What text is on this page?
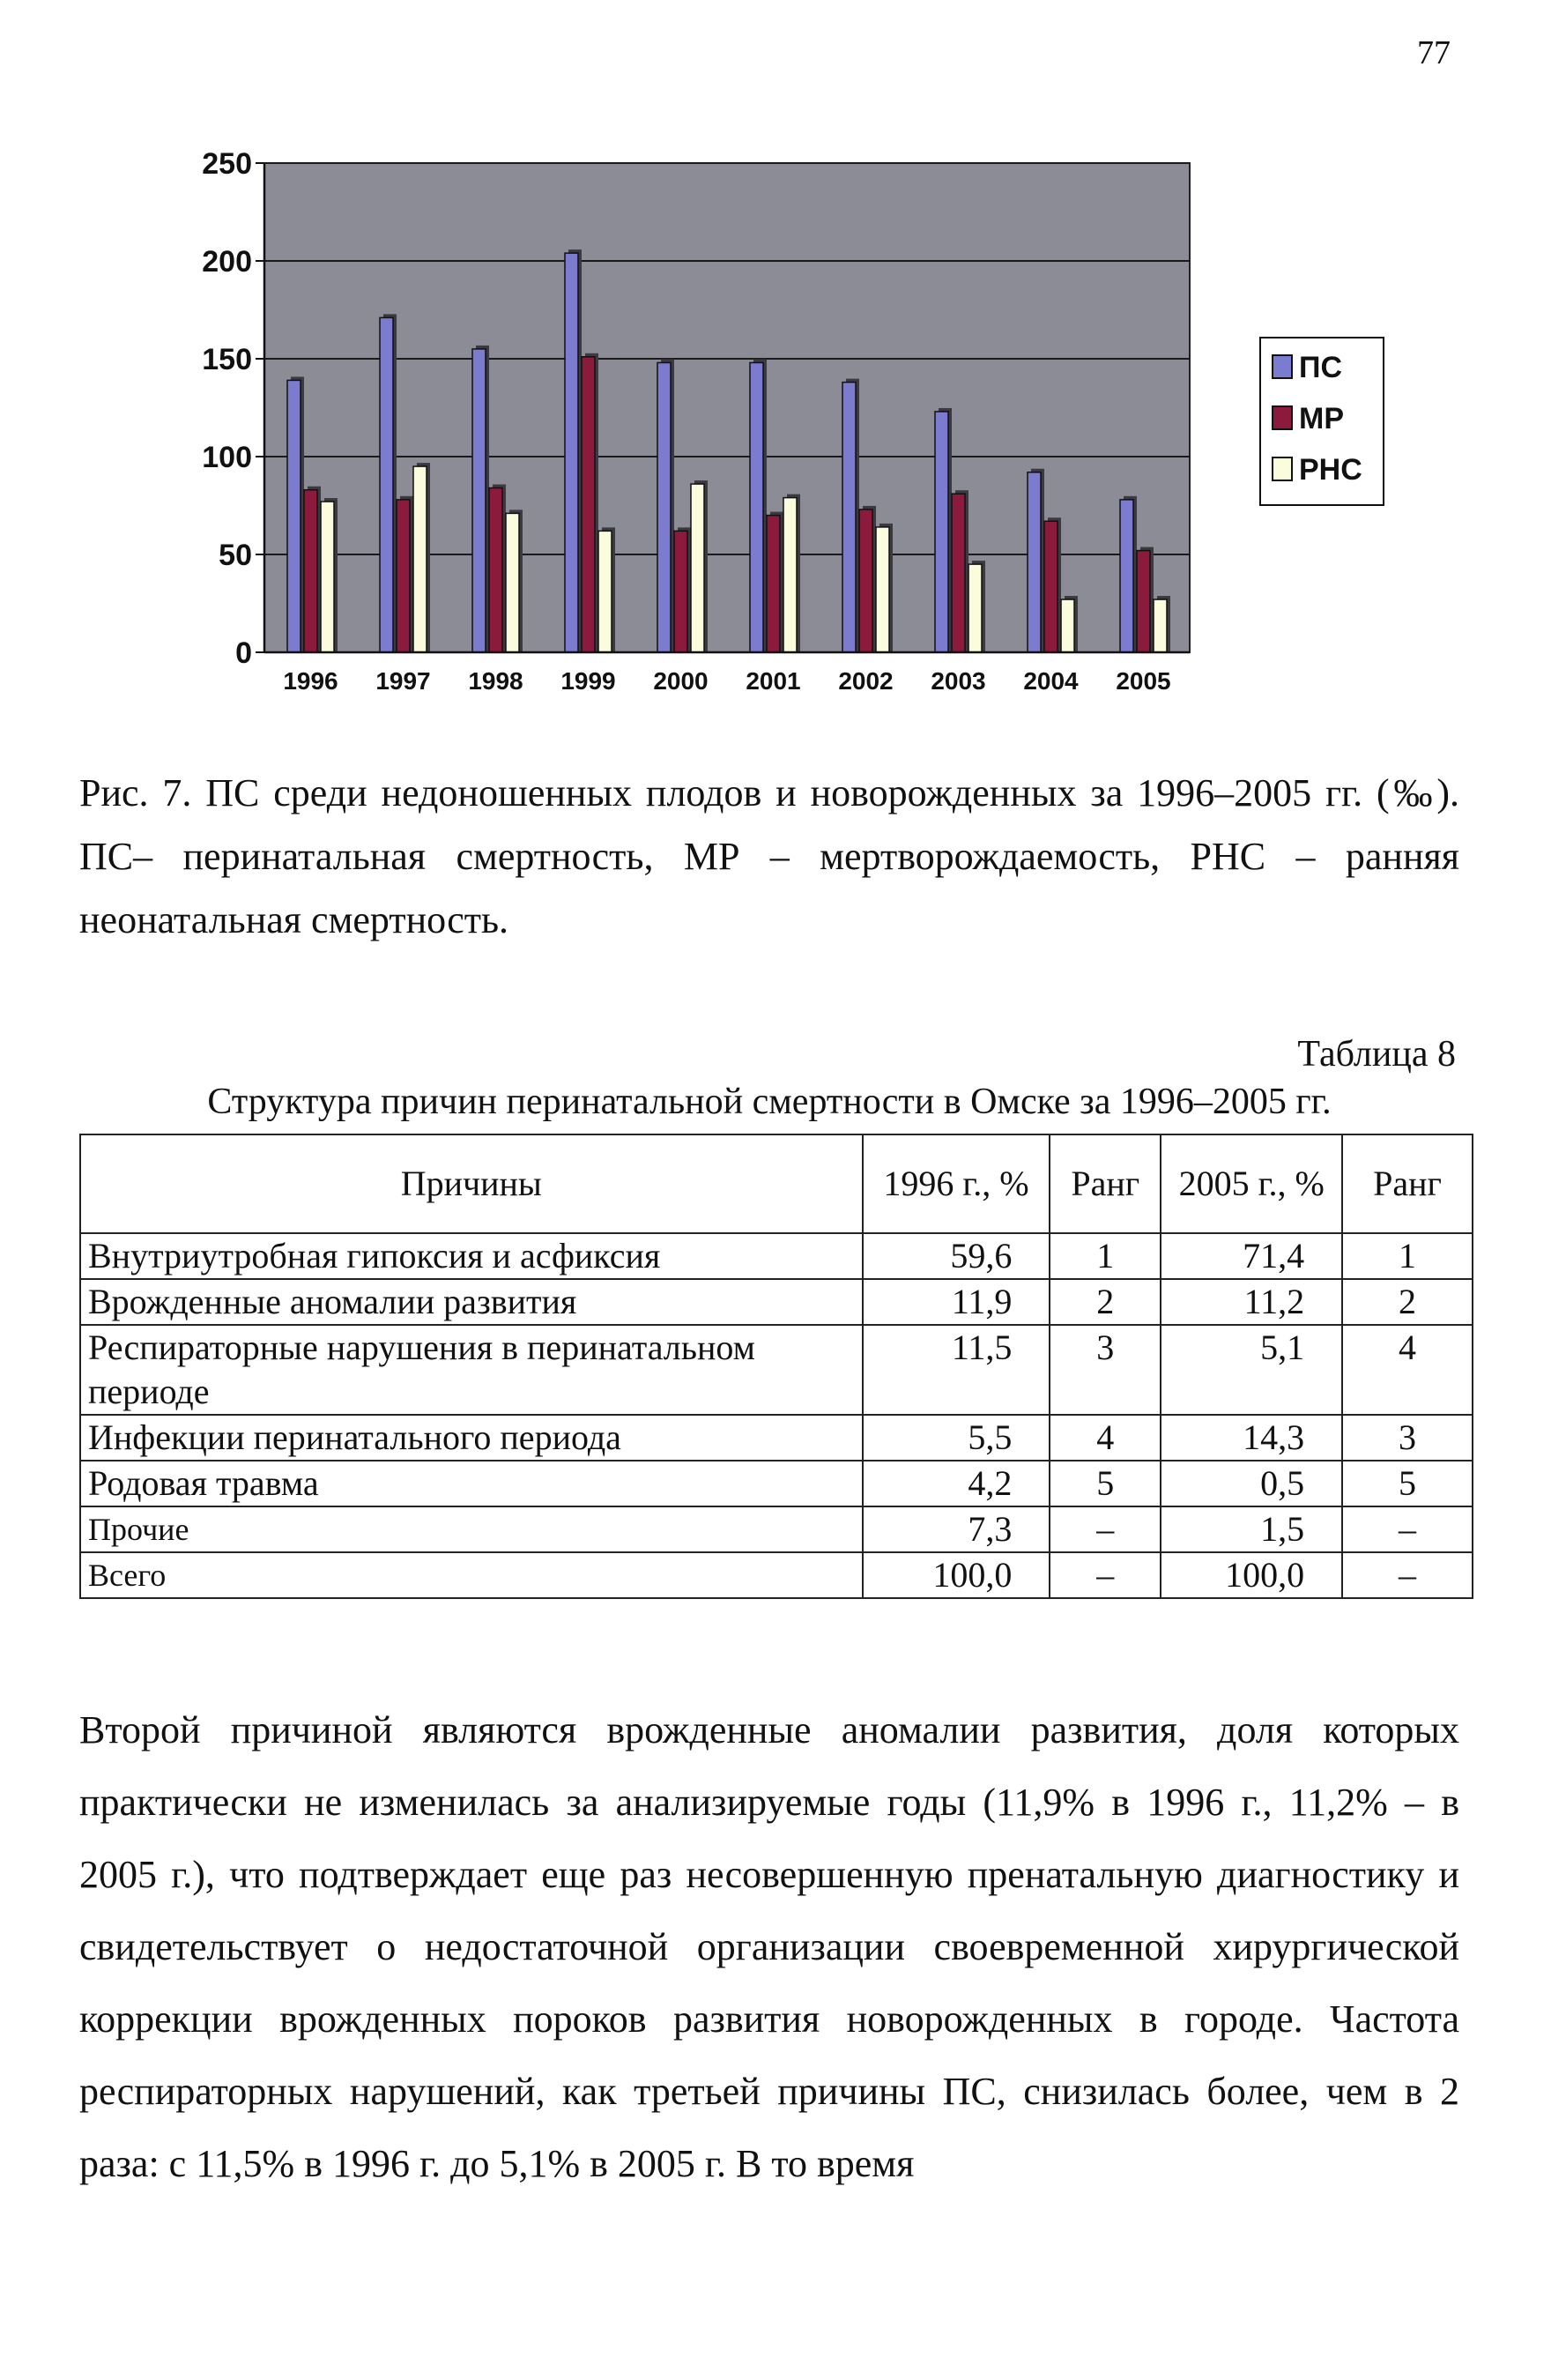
77
0
50
100
150
200
250
1996 1997 1998 1999 2000 2001 2002 2003 2004 2005
ПС
МР
РНС
Рис. 7. ПС среди недоношенных плодов и новорожденных за 1996–2005 гг. (‰). ПС– перинатальная смертность, МР – мертворождаемость, РНС – ранняя неонатальная смертность.
Таблица 8
Структура причин перинатальной смертности в Омске за 1996–2005 гг.
Причины	1996 г., %	Ранг	2005 г., %	Ранг
Внутриутробная гипоксия и асфиксия	59,6	1	71,4	1
Врожденные аномалии развития	11,9	2	11,2	2
Респираторные нарушения в перинатальном периоде	11,5	3	5,1	4
Инфекции перинатального периода	5,5	4	14,3	3
Родовая травма	4,2	5	0,5	5
Прочие	7,3	–	1,5	–
Всего	100,0	–	100,0	–
Второй причиной являются врожденные аномалии развития, доля которых практически не изменилась за анализируемые годы (11,9% в 1996 г., 11,2% – в 2005 г.), что подтверждает еще раз несовершенную пренатальную диагностику и свидетельствует о недостаточной организации своевременной хирургической коррекции врожденных пороков развития новорожденных в городе. Частота респираторных нарушений, как третьей причины ПС, снизилась более, чем в 2 раза: с 11,5% в 1996 г. до 5,1% в 2005 г. В то время
